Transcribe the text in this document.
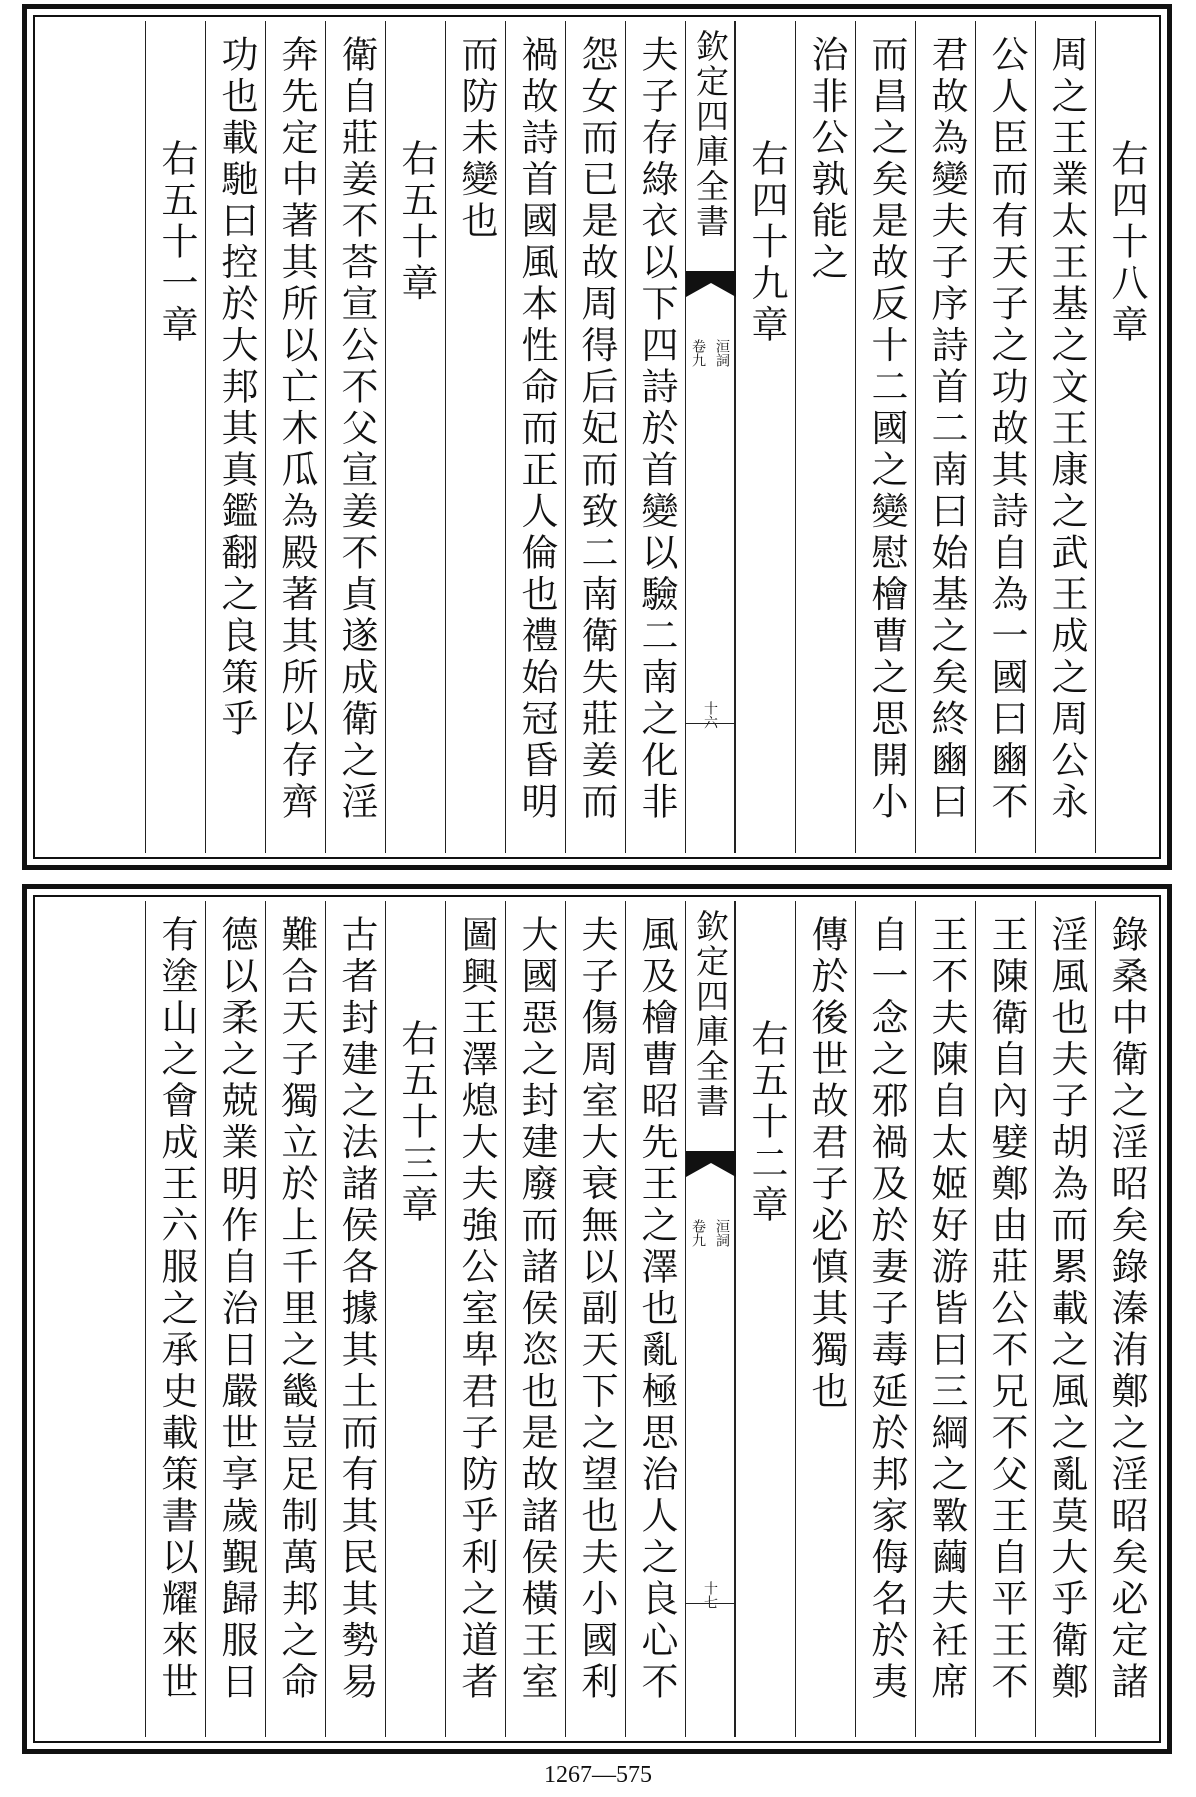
右四十八章
周之王業太王基之文王康之武王成之周公永
公人臣而有天子之功故其詩自為一國曰豳不
君故為變夫子序詩首二南曰始基之矣終豳曰
而昌之矣是故反十二國之變慰檜曹之思開小
治非公孰能之
右四十九章
欽定四庫全書
卷九 洹詞
十六
夫子存綠衣以下四詩於首變以驗二南之化非
怨女而已是故周得后妃而致二南衛失莊姜而
禍故詩首國風本性命而正人倫也禮始冠昏明
而防未變也
右五十章
衛自莊姜不荅宣公不父宣姜不貞遂成衛之淫
奔先定中著其所以亡木瓜為殿著其所以存齊
功也載馳曰控於大邦其真鑑翻之良策乎
右五十一章
錄桑中衛之淫昭矣錄溱洧鄭之淫昭矣必定諸
淫風也夫子胡為而累載之風之亂莫大乎衛鄭
王陳衛自內嬖鄭由莊公不兄不父王自平王不
王不夫陳自太姬好游皆曰三綱之斁繭夫衽席
自一念之邪禍及於妻子毒延於邦家侮名於夷
傳於後世故君子必慎其獨也
右五十二章
欽定四庫全書
卷九 洹詞
十七
風及檜曹昭先王之澤也亂極思治人之良心不
夫子傷周室大衰無以副天下之望也夫小國利
大國惡之封建廢而諸侯恣也是故諸侯橫王室
圖興王澤熄大夫強公室卑君子防乎利之道者
右五十三章
古者封建之法諸侯各據其土而有其民其勢易
難合天子獨立於上千里之畿豈足制萬邦之命
德以柔之兢業明作自治日嚴世享歲覲歸服日
有塗山之會成王六服之承史載策書以耀來世
1267—575
